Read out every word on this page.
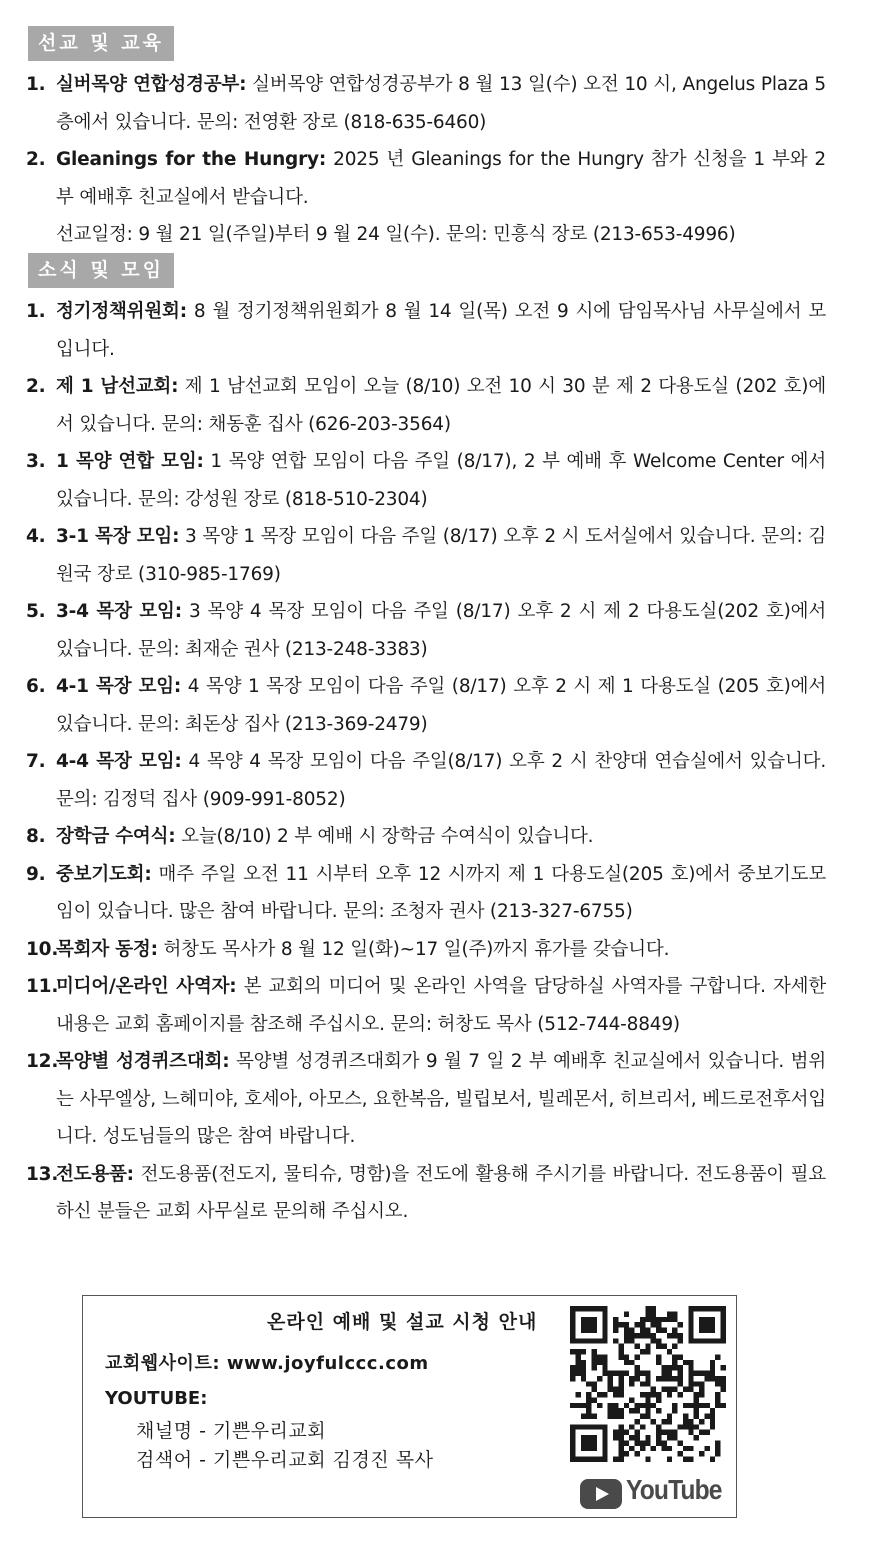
선교 및 교육
1. 실버목양 연합성경공부: 실버목양 연합성경공부가 8 월 13 일(수) 오전 10 시, Angelus Plaza 5 층에서 있습니다. 문의: 전영환 장로 (818-635-6460)
2. Gleanings for the Hungry: 2025 년 Gleanings for the Hungry 참가 신청을 1 부와 2 부 예배후 친교실에서 받습니다.
선교일정: 9 월 21 일(주일)부터 9 월 24 일(수). 문의: 민흥식 장로 (213-653-4996)
소식 및 모임
1. 정기정책위원회: 8 월 정기정책위원회가 8 월 14 일(목) 오전 9 시에 담임목사님 사무실에서 모입니다.
2. 제 1 남선교회: 제 1 남선교회 모임이 오늘 (8/10) 오전 10 시 30 분 제 2 다용도실 (202 호)에서 있습니다. 문의: 채동훈 집사 (626-203-3564)
3. 1 목양 연합 모임: 1 목양 연합 모임이 다음 주일 (8/17), 2 부 예배 후 Welcome Center 에서 있습니다. 문의: 강성원 장로 (818-510-2304)
4. 3-1 목장 모임: 3 목양 1 목장 모임이 다음 주일 (8/17) 오후 2 시 도서실에서 있습니다. 문의: 김원국 장로 (310-985-1769)
5. 3-4 목장 모임: 3 목양 4 목장 모임이 다음 주일 (8/17) 오후 2 시 제 2 다용도실(202 호)에서 있습니다. 문의: 최재순 권사 (213-248-3383)
6. 4-1 목장 모임: 4 목양 1 목장 모임이 다음 주일 (8/17) 오후 2 시 제 1 다용도실 (205 호)에서 있습니다. 문의: 최돈상 집사 (213-369-2479)
7. 4-4 목장 모임: 4 목양 4 목장 모임이 다음 주일(8/17) 오후 2 시 찬양대 연습실에서 있습니다. 문의: 김정덕 집사 (909-991-8052)
8. 장학금 수여식: 오늘(8/10) 2 부 예배 시 장학금 수여식이 있습니다.
9. 중보기도회: 매주 주일 오전 11 시부터 오후 12 시까지 제 1 다용도실(205 호)에서 중보기도모임이 있습니다. 많은 참여 바랍니다. 문의: 조청자 권사 (213-327-6755)
10.
목회자 동정: 허창도 목사가 8 월 12 일(화)~17 일(주)까지 휴가를 갖습니다.
11.
미디어/온라인 사역자: 본 교회의 미디어 및 온라인 사역을 담당하실 사역자를 구합니다. 자세한 내용은 교회 홈페이지를 참조해 주십시오. 문의: 허창도 목사 (512-744-8849)
12.
목양별 성경퀴즈대회: 목양별 성경퀴즈대회가 9 월 7 일 2 부 예배후 친교실에서 있습니다. 범위는 사무엘상, 느헤미야, 호세아, 아모스, 요한복음, 빌립보서, 빌레몬서, 히브리서, 베드로전후서입니다. 성도님들의 많은 참여 바랍니다.
13.
전도용품: 전도용품(전도지, 물티슈, 명함)을 전도에 활용해 주시기를 바랍니다. 전도용품이 필요하신 분들은 교회 사무실로 문의해 주십시오.
온라인 예배 및 설교 시청 안내
교회웹사이트: www.joyfulccc.com
YOUTUBE:
채널명 - 기쁜우리교회
검색어 - 기쁜우리교회 김경진 목사
YouTube
